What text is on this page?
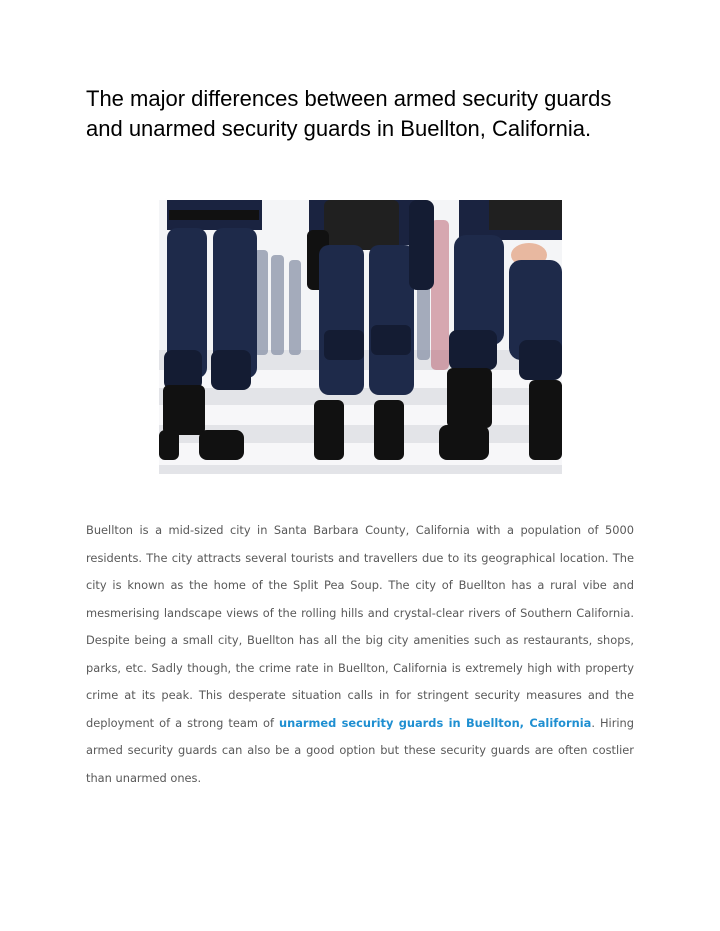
The major differences between armed security guards and unarmed security guards in Buellton, California.

Buellton is a mid-sized city in Santa Barbara County, California with a population of 5000 residents. The city attracts several tourists and travellers due to its geographical location. The city is known as the home of the Split Pea Soup. The city of Buellton has a rural vibe and mesmerising landscape views of the rolling hills and crystal-clear rivers of Southern California. Despite being a small city, Buellton has all the big city amenities such as restaurants, shops, parks, etc. Sadly though, the crime rate in Buellton, California is extremely high with property crime at its peak. This desperate situation calls in for stringent security measures and the deployment of a strong team of unarmed security guards in Buellton, California. Hiring armed security guards can also be a good option but these security guards are often costlier than unarmed ones.
